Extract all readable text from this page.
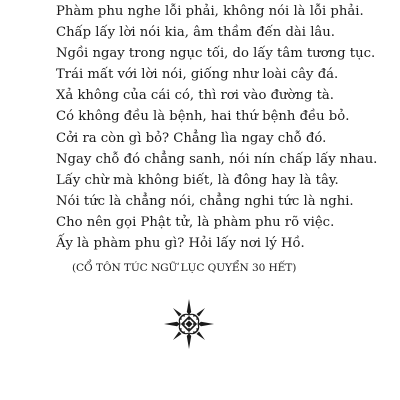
Phàm phu nghe lỗi phải, không nói là lỗi phải.
Chấp lấy lời nói kia, âm thầm đến dài lâu.
Ngồi ngay trong ngục tối, do lấy tâm tương tục.
Trái mất với lời nói, giống như loài cây đá.
Xả không của cái có, thì rơi vào đường tà.
Có không đều là bệnh, hai thứ bệnh đều bỏ.
Cởi ra còn gì bỏ? Chẳng lìa ngay chỗ đó.
Ngay chỗ đó chẳng sanh, nói nín chấp lấy nhau.
Lấy chừ mà không biết, là đông hay là tây.
Nói tức là chẳng nói, chẳng nghi tức là nghi.
Cho nên gọi Phật tử, là phàm phu rõ việc.
Ấy là phàm phu gì? Hỏi lấy nơi lý Hồ.
(CỔ TÔN TÚC NGỮ LỤC QUYỂN 30 HẾT)
